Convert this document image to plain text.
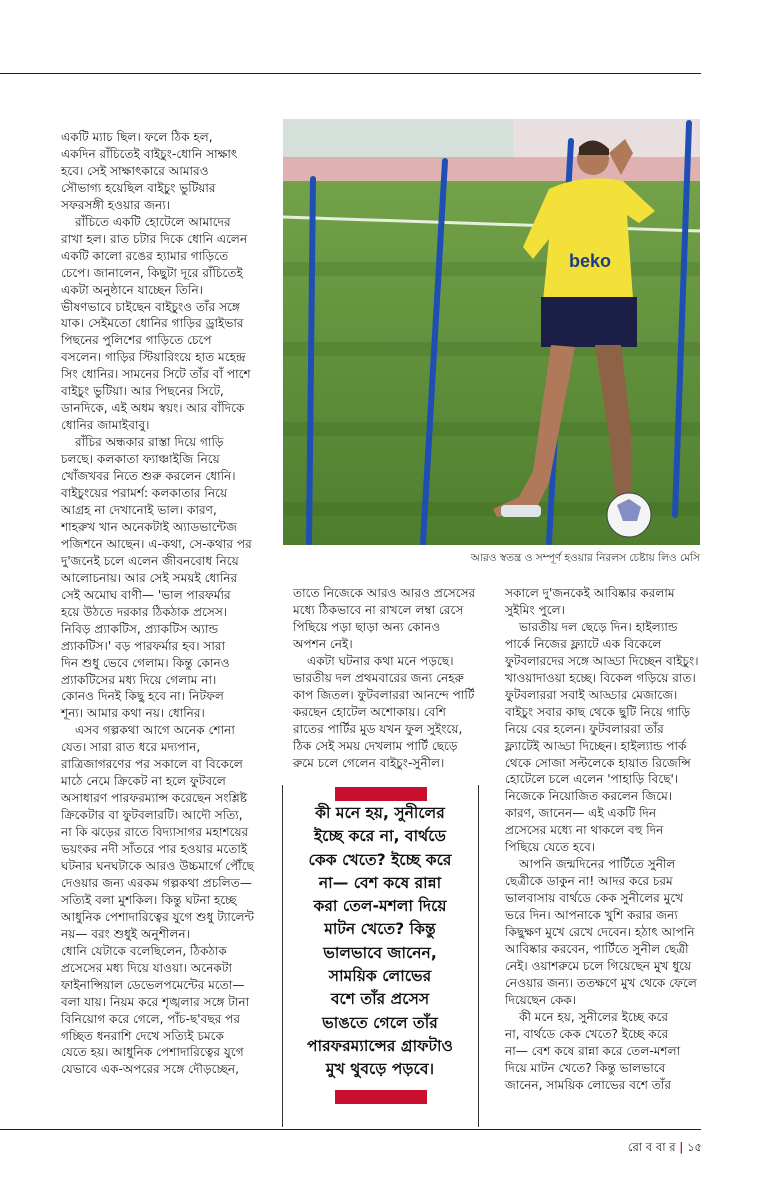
একটি ম্যাচ ছিল। ফলে ঠিক হল,

একদিন রাঁচিতেই বাইচুং-ধোনি সাক্ষাৎ

হবে। সেই সাক্ষাৎকারে আমারও

সৌভাগ্য হয়েছিল বাইচুং ভুটিয়ার

সফরসঙ্গী হওয়ার জন্য।

রাঁচিতে একটি হোটেলে আমাদের

রাখা হল। রাত চটার দিকে ধোনি এলেন

একটি কালো রঙের হ্যামার গাড়িতে

চেপে। জানালেন, কিছুটা দূরে রাঁচিতেই

একটা অনুষ্ঠানে যাচ্ছেন তিনি।

ভীষণভাবে চাইছেন বাইচুংও তাঁর সঙ্গে

যাক। সেইমতো ধোনির গাড়ির ড্রাইভার

পিছনের পুলিশের গাড়িতে চেপে

বসলেন। গাড়ির স্টিয়ারিংয়ে হাত মহেন্দ্র

সিং ধোনির। সামনের সিটে তাঁর বাঁ পাশে

বাইচুং ভুটিয়া। আর পিছনের সিটে,

ডানদিকে, এই অধম স্বয়ং। আর বাঁদিকে

ধোনির জামাইবাবু।

রাঁচির অন্ধকার রাস্তা দিয়ে গাড়ি

চলছে। কলকাতা ফ্যাঞ্চাইজি নিয়ে

খোঁজখবর নিতে শুরু করলেন ধোনি।

বাইচুংয়ের পরামর্শ: কলকাতার নিয়ে

আগ্রহ না দেখানোই ভাল। কারণ,

শাহরুখ খান অনেকটাই অ্যাডভান্টেজ

পজিশনে আছেন। এ-কথা, সে-কথার পর

দু'জনেই চলে এলেন জীবনবোধ নিয়ে

আলোচনায়। আর সেই সময়ই ধোনির

সেই অমোঘ বাণী— 'ভাল পারফর্মার

হয়ে উঠতে দরকার ঠিকঠাক প্রসেস।

নিবিড় প্র্যাকটিস, প্র্যাকটিস অ্যান্ড

প্র্যাকটিস।' বড় পারফর্মার হব। সারা

দিন শুধু ভেবে গেলাম। কিন্তু কোনও

প্র্যাকটিসের মধ্য দিয়ে গেলাম না।

কোনও দিনই কিছু হবে না। নিটফল

শূন্য। আমার কথা নয়। ধোনির।

এসব গল্পকথা আগে অনেক শোনা

যেত। সারা রাত ধরে মদ্যপান,

রাত্রিজাগরণের পর সকালে বা বিকেলে

মাঠে নেমে ক্রিকেট না হলে ফুটবলে

অসাধারণ পারফরম্যান্স করেছেন সংশ্লিষ্ট

ক্রিকেটার বা ফুটবলারটি। আদৌ সত্যি,

না কি ঝড়ের রাতে বিদ্যাসাগর মহাশয়ের

ভয়ংকর নদী সাঁতরে পার হওয়ার মতোই

ঘটনার ঘনঘটাকে আরও উচ্চমার্গে পৌঁছে

দেওয়ার জন্য এরকম গল্পকথা প্রচলিত—

সত্যিই বলা মুশকিল। কিন্তু ঘটনা হচ্ছে

আধুনিক পেশাদারিত্বের যুগে শুধু ট্যালেন্ট

নয়— বরং শুধুই অনুশীলন।

ধোনি যেটাকে বলেছিলেন, ঠিকঠাক

প্রসেসের মধ্য দিয়ে যাওয়া। অনেকটা

ফাইনান্সিয়াল ডেভেলপমেন্টের মতো—

বলা যায়। নিয়ম করে শৃঙ্খলার সঙ্গে টানা

বিনিয়োগ করে গেলে, পাঁচ-ছ'বছর পর

গচ্ছিত ধনরাশি দেখে সত্যিই চমকে

যেতে হয়। আধুনিক পেশাদারিত্বের যুগে

যেভাবে এক-অপরের সঙ্গে দৌড়চ্ছেন,

beko
আরও স্বতন্ত্র ও সম্পূর্ণ হওয়ার নিরলস চেষ্টায় লিও মেসি

তাতে নিজেকে আরও আরও প্রসেসের

মধ্যে ঠিকভাবে না রাখলে লম্বা রেসে

পিছিয়ে পড়া ছাড়া অন্য কোনও

অপশন নেই।

একটা ঘটনার কথা মনে পড়ছে।

ভারতীয় দল প্রথমবারের জন্য নেহরু

কাপ জিতল। ফুটবলাররা আনন্দে পার্টি

করছেন হোটেল অশোকায়। বেশি

রাতের পার্টির মুড যখন ফুল সুইংয়ে,

ঠিক সেই সময় দেখলাম পার্টি ছেড়ে

রুমে চলে গেলেন বাইচুং-সুনীল।

সকালে দু'জনকেই আবিষ্কার করলাম

সুইমিং পুলে।

ভারতীয় দল ছেড়ে দিন। হাইল্যান্ড

পার্কে নিজের ফ্ল্যাটে এক বিকেলে

ফুটবলারদের সঙ্গে আড্ডা দিচ্ছেন বাইচুং।

খাওয়াদাওয়া হচ্ছে। বিকেল গড়িয়ে রাত।

ফুটবলাররা সবাই আড্ডার মেজাজে।

বাইচুং সবার কাছ থেকে ছুটি নিয়ে গাড়ি

নিয়ে বের হলেন। ফুটবলাররা তাঁর

ফ্ল্যাটেই আড্ডা দিচ্ছেন। হাইল্যান্ড পার্ক

থেকে সোজা সল্টলেকে হায়াত রিজেন্সি

হোটেলে চলে এলেন 'পাহাড়ি বিছে'।

নিজেকে নিয়োজিত করলেন জিমে।

কারণ, জানেন— এই একটি দিন

প্রসেসের মধ্যে না থাকলে বহু দিন

পিছিয়ে যেতে হবে।

আপনি জন্মদিনের পার্টিতে সুনীল

ছেত্রীকে ডাকুন না! আদর করে চরম

ভালবাসায় বার্থডে কেক সুনীলের মুখে

ভরে দিন। আপনাকে খুশি করার জন্য

কিছুক্ষণ মুখে রেখে দেবেন। হঠাৎ আপনি

আবিষ্কার করবেন, পার্টিতে সুনীল ছেত্রী

নেই। ওয়াশরুমে চলে গিয়েছেন মুখ ধুয়ে

নেওয়ার জন্য। ততক্ষণে মুখ থেকে ফেলে

দিয়েছেন কেক।

কী মনে হয়, সুনীলের ইচ্ছে করে

না, বার্থডে কেক খেতে? ইচ্ছে করে

না— বেশ কষে রান্না করে তেল-মশলা

দিয়ে মাটন খেতে? কিন্তু ভালভাবে

জানেন, সাময়িক লোভের বশে তাঁর

কী মনে হয়, সুনীলের

ইচ্ছে করে না, বার্থডে

কেক খেতে? ইচ্ছে করে

না— বেশ কষে রান্না

করা তেল-মশলা দিয়ে

মাটন খেতে? কিন্তু

ভালভাবে জানেন,

সাময়িক লোভের

বশে তাঁর প্রসেস

ভাঙতে গেলে তাঁর

পারফরম্যান্সের গ্রাফটাও

মুখ থুবড়ে পড়বে।

রো ব বা র | ১৫
